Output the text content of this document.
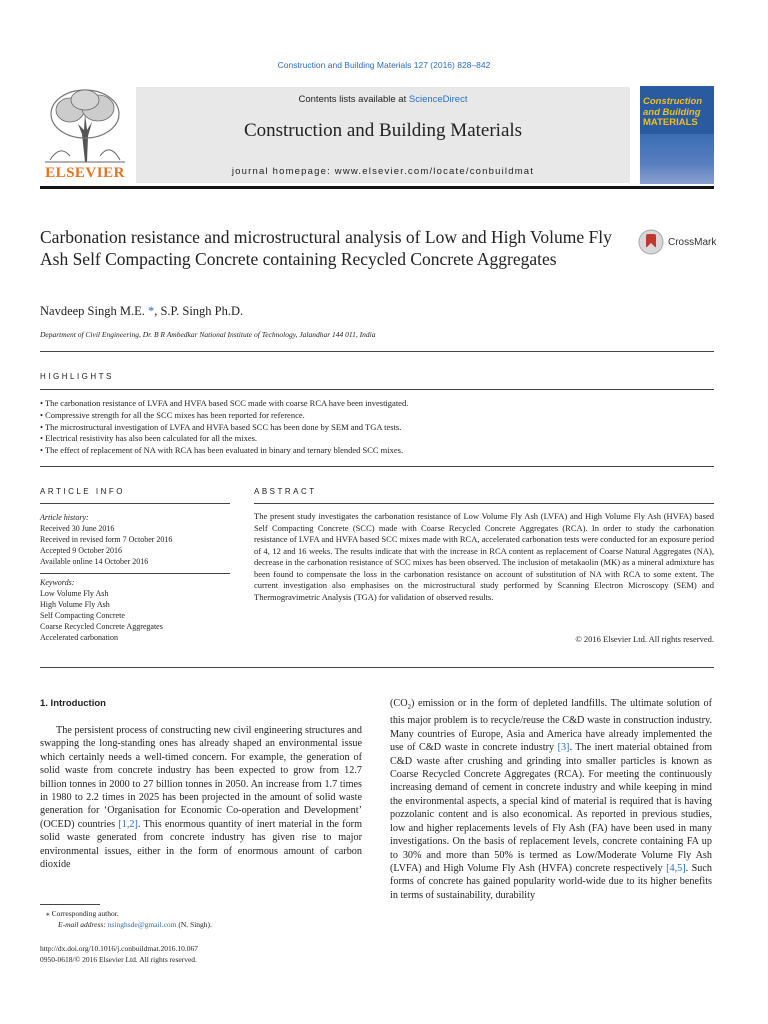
Construction and Building Materials 127 (2016) 828–842
ELSEVIER
Contents lists available at ScienceDirect
Construction and Building Materials
journal homepage: www.elsevier.com/locate/conbuildmat
Construction
and Building
MATERIALS
Carbonation resistance and microstructural analysis of Low and High Volume Fly Ash Self Compacting Concrete containing Recycled Concrete Aggregates
CrossMark
Navdeep Singh M.E. *, S.P. Singh Ph.D.
Department of Civil Engineering, Dr. B R Ambedkar National Institute of Technology, Jalandhar 144 011, India
HIGHLIGHTS
• The carbonation resistance of LVFA and HVFA based SCC made with coarse RCA have been investigated.
• Compressive strength for all the SCC mixes has been reported for reference.
• The microstructural investigation of LVFA and HVFA based SCC has been done by SEM and TGA tests.
• Electrical resistivity has also been calculated for all the mixes.
• The effect of replacement of NA with RCA has been evaluated in binary and ternary blended SCC mixes.
ARTICLE INFO	ABSTRACT
Article history:
Received 30 June 2016
Received in revised form 7 October 2016
Accepted 9 October 2016
Available online 14 October 2016
Keywords:
Low Volume Fly Ash
High Volume Fly Ash
Self Compacting Concrete
Coarse Recycled Concrete Aggregates
Accelerated carbonation
The present study investigates the carbonation resistance of Low Volume Fly Ash (LVFA) and High Volume Fly Ash (HVFA) based Self Compacting Concrete (SCC) made with Coarse Recycled Concrete Aggregates (RCA). In order to study the carbonation resistance of LVFA and HVFA based SCC mixes made with RCA, accelerated carbonation tests were conducted for an exposure period of 4, 12 and 16 weeks. The results indicate that with the increase in RCA content as replacement of Coarse Natural Aggregates (NA), decrease in the carbonation resistance of SCC mixes has been observed. The inclusion of metakaolin (MK) as a mineral admixture has been found to compensate the loss in the carbonation resistance on account of substitution of NA with RCA to some extent. The current investigation also emphasises on the microstructural study performed by Scanning Electron Microscopy (SEM) and Thermogravimetric Analysis (TGA) for validation of observed results.
© 2016 Elsevier Ltd. All rights reserved.
1. Introduction
The persistent process of constructing new civil engineering structures and swapping the long-standing ones has already shaped an environmental issue which certainly needs a well-timed concern. For example, the generation of solid waste from concrete industry has been expected to grow from 12.7 billion tonnes in 2000 to 27 billion tonnes in 2050. An increase from 1.7 times in 1980 to 2.2 times in 2025 has been projected in the amount of solid waste generation for ‘Organisation for Economic Co-operation and Development’ (OCED) countries [1,2]. This enormous quantity of inert material in the form solid waste generated from concrete industry has given rise to major environmental issues, either in the form of enormous amount of carbon dioxide
$(CO_2)$ emission or in the form of depleted landfills. The ultimate solution of this major problem is to recycle/reuse the C&D waste in construction industry. Many countries of Europe, Asia and America have already implemented the use of C&D waste in concrete industry [3]. The inert material obtained from C&D waste after crushing and grinding into smaller particles is known as Coarse Recycled Concrete Aggregates (RCA). For meeting the continuously increasing demand of cement in concrete industry and while keeping in mind the environmental aspects, a special kind of material is required that is having pozzolanic content and is also economical. As reported in previous studies, low and higher replacements levels of Fly Ash (FA) have been used in many investigations. On the basis of replacement levels, concrete containing FA up to 30% and more than 50% is termed as Low/Moderate Volume Fly Ash (LVFA) and High Volume Fly Ash (HVFA) concrete respectively [4,5]. Such forms of concrete has gained popularity world-wide due to its higher benefits in terms of sustainability, durability
⁎ Corresponding author.
E-mail address: nsinghsde@gmail.com (N. Singh).
http://dx.doi.org/10.1016/j.conbuildmat.2016.10.067
0950-0618/© 2016 Elsevier Ltd. All rights reserved.
